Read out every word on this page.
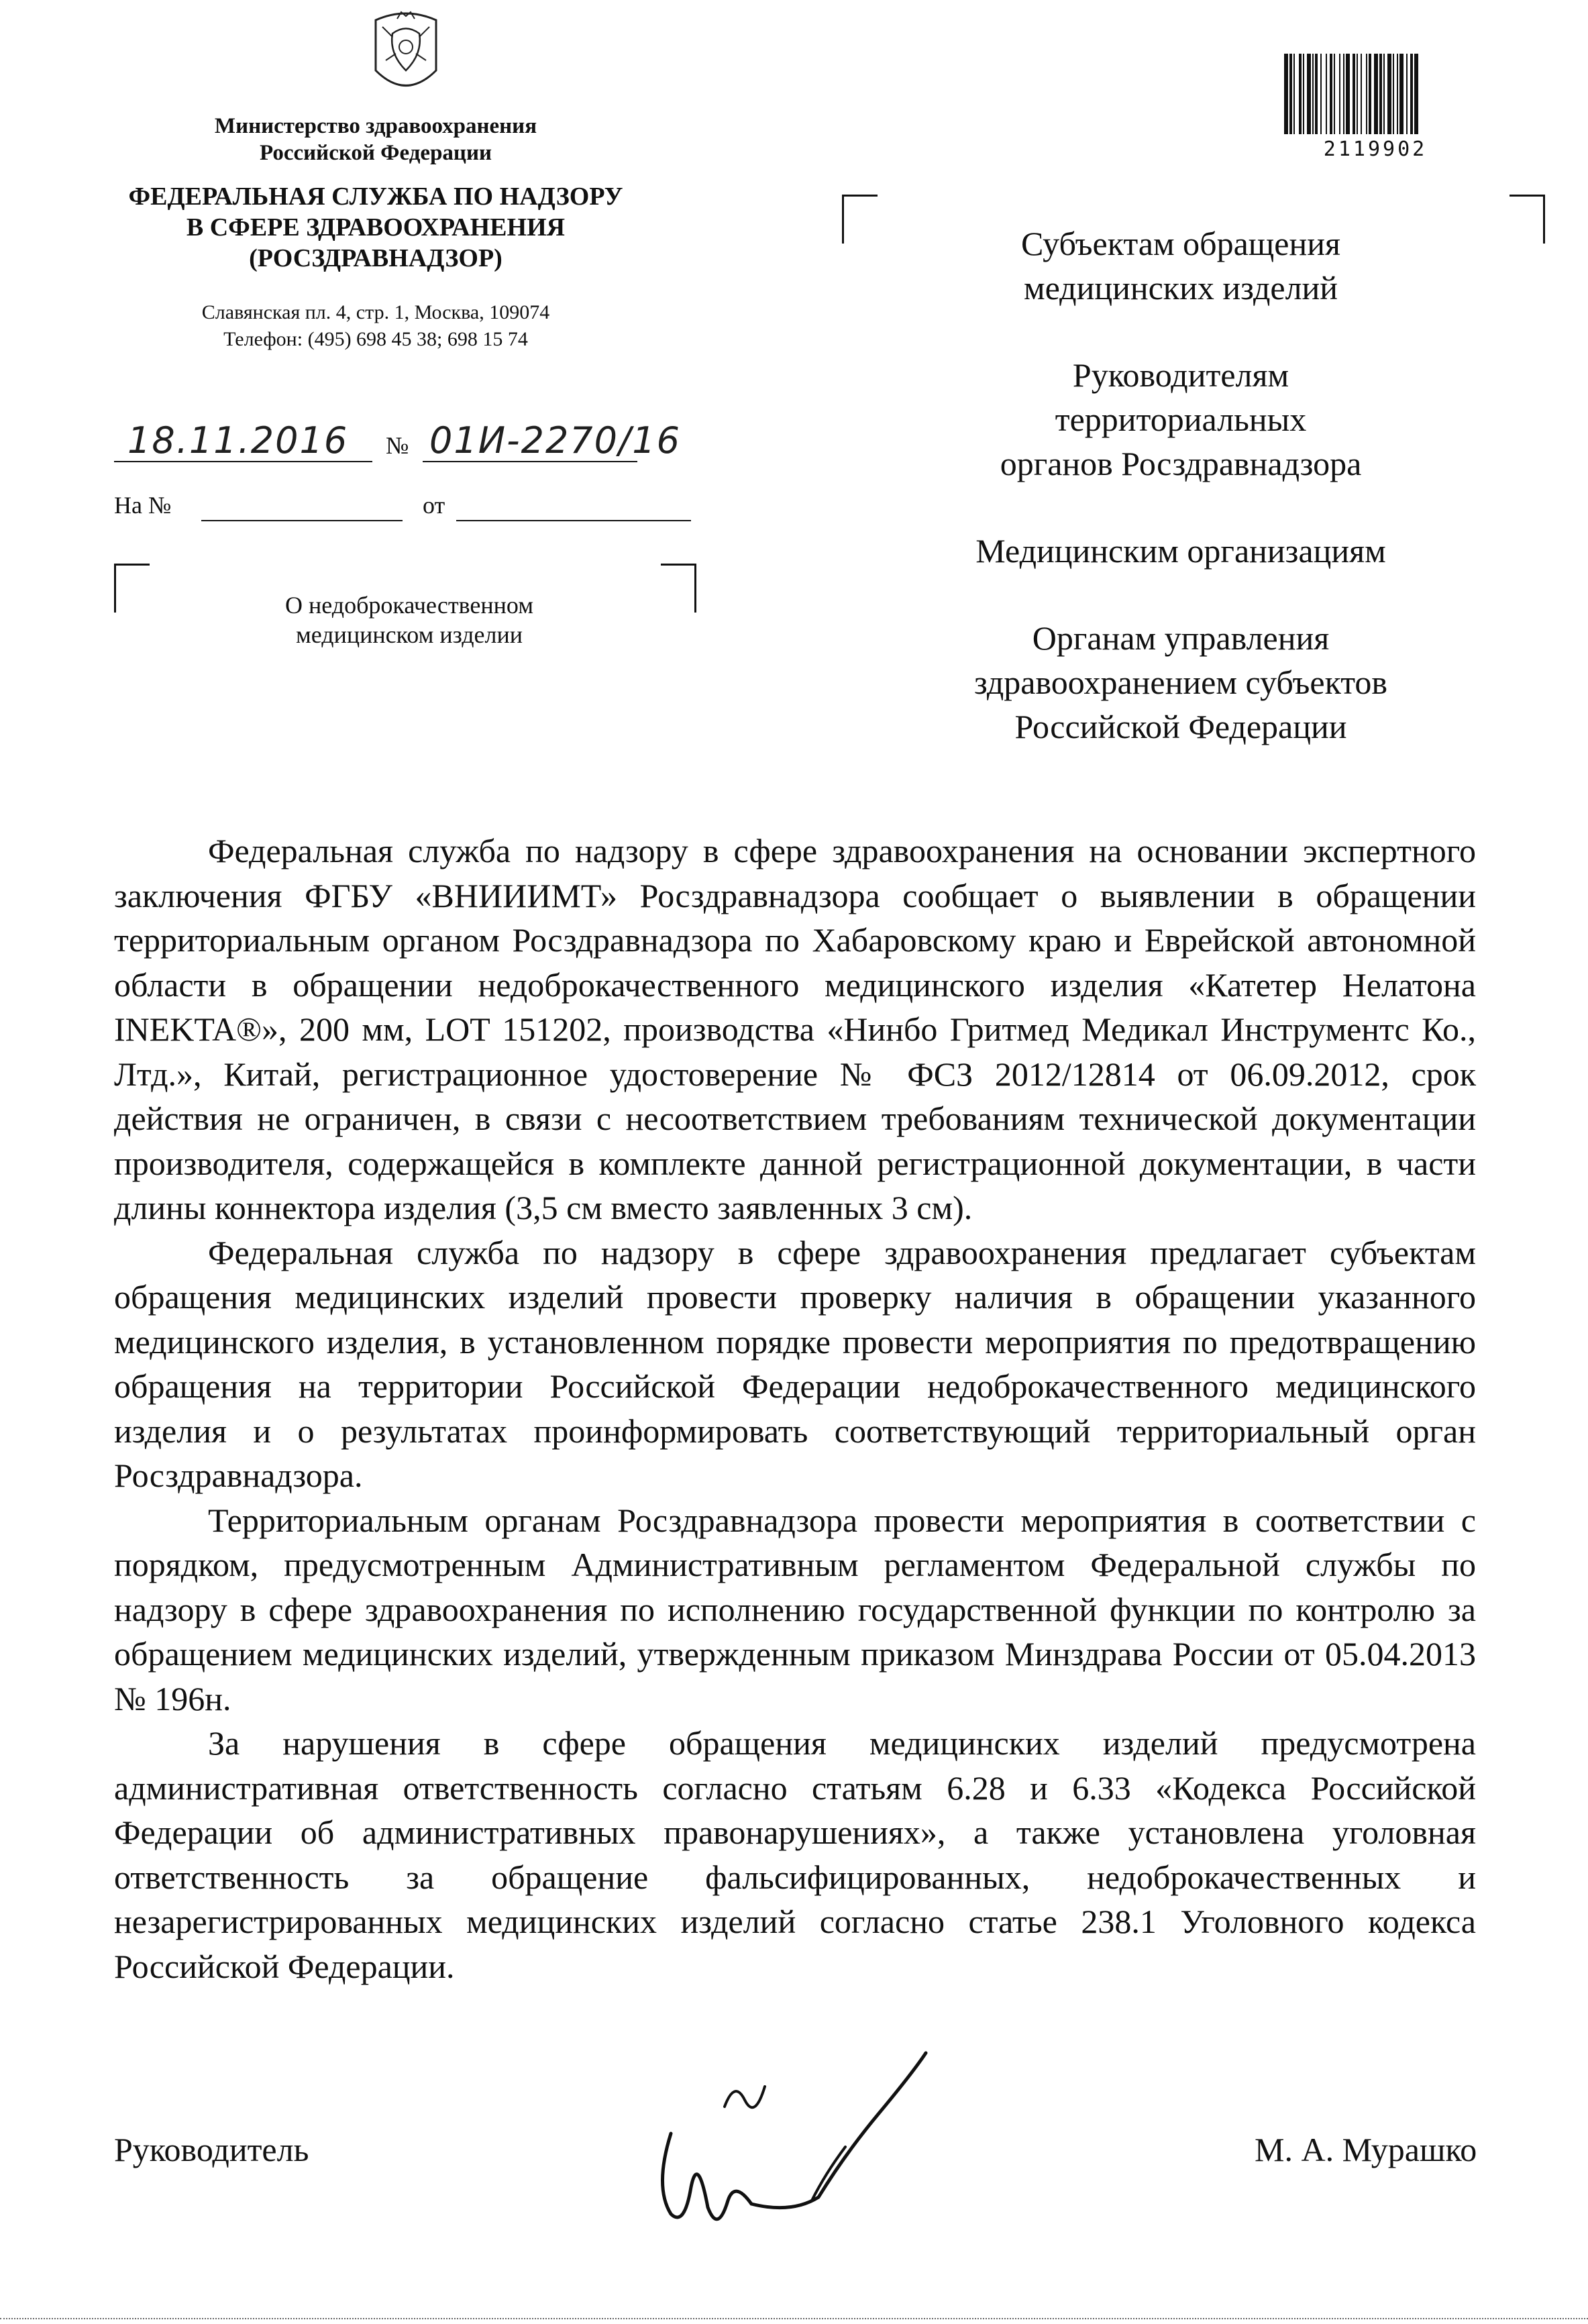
Министерство здравоохранения
Российской Федерации
ФЕДЕРАЛЬНАЯ СЛУЖБА ПО НАДЗОРУ
В СФЕРЕ ЗДРАВООХРАНЕНИЯ
(РОСЗДРАВНАДЗОР)
Славянская пл. 4, стр. 1, Москва, 109074
Телефон: (495) 698 45 38; 698 15 74
18.11.2016 № 01И-2270/16
На №	от
О недоброкачественном
медицинском изделии
2119902
Субъектам обращения
медицинских изделий
Руководителям
территориальных
органов Росздравнадзора
Медицинским организациям
Органам управления
здравоохранением субъектов
Российской Федерации

Федеральная служба по надзору в сфере здравоохранения на основании экспертного заключения ФГБУ «ВНИИИМТ» Росздравнадзора сообщает о выявлении в обращении территориальным органом Росздравнадзора по Хабаровскому краю и Еврейской автономной области в обращении недоброкачественного медицинского изделия «Катетер Нелатона INEKTA®», 200 мм, LOT 151202, производства «Нинбо Гритмед Медикал Инструментс Ко., Лтд.», Китай, регистрационное удостоверение № ФСЗ 2012/12814 от 06.09.2012, срок действия не ограничен, в связи с несоответствием требованиям технической документации производителя, содержащейся в комплекте данной регистрационной документации, в части длины коннектора изделия (3,5 см вместо заявленных 3 см).

Федеральная служба по надзору в сфере здравоохранения предлагает субъектам обращения медицинских изделий провести проверку наличия в обращении указанного медицинского изделия, в установленном порядке провести мероприятия по предотвращению обращения на территории Российской Федерации недоброкачественного медицинского изделия и о результатах проинформировать соответствующий территориальный орган Росздравнадзора.

Территориальным органам Росздравнадзора провести мероприятия в соответствии с порядком, предусмотренным Административным регламентом Федеральной службы по надзору в сфере здравоохранения по исполнению государственной функции по контролю за обращением медицинских изделий, утвержденным приказом Минздрава России от 05.04.2013 № 196н.

За нарушения в сфере обращения медицинских изделий предусмотрена административная ответственность согласно статьям 6.28 и 6.33 «Кодекса Российской Федерации об административных правонарушениях», а также установлена уголовная ответственность за обращение фальсифицированных, недоброкачественных и незарегистрированных медицинских изделий согласно статье 238.1 Уголовного кодекса Российской Федерации.

Руководитель	М. А. Мурашко
